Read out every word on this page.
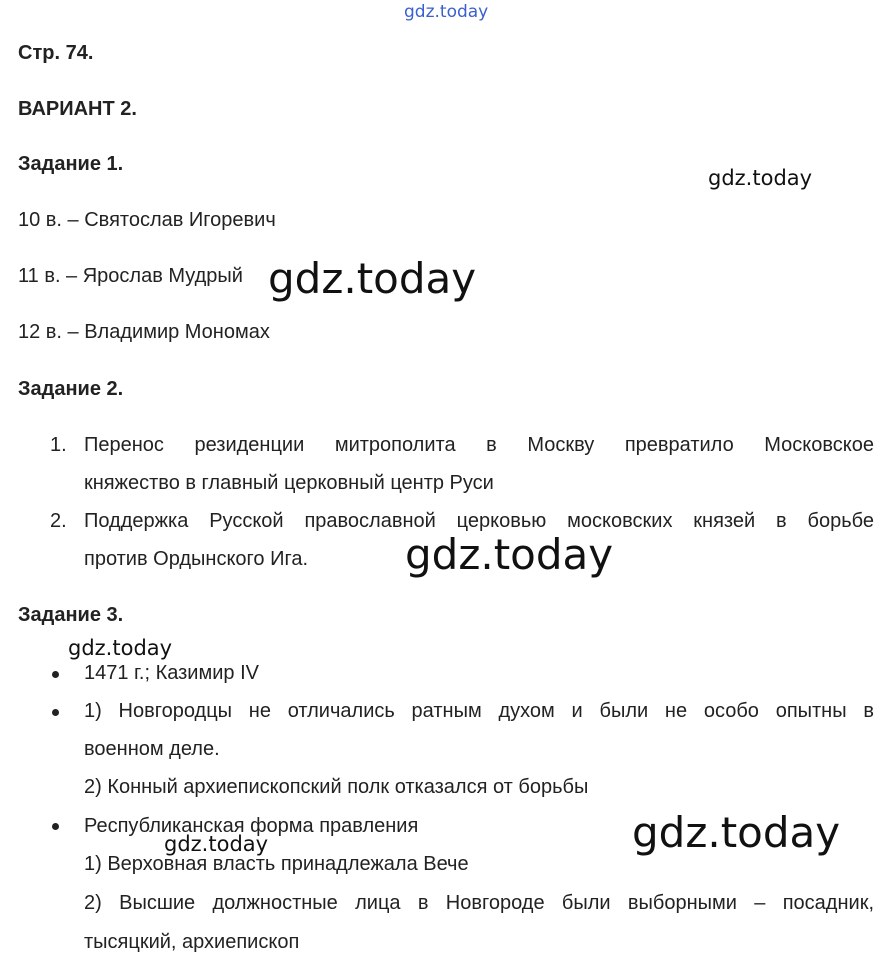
gdz.today
Стр. 74.
ВАРИАНТ 2.
Задание 1.
gdz.today
10 в. – Святослав Игоревич
11 в. – Ярослав Мудрый gdz.today
12 в. – Владимир Мономах
Задание 2.
1. Перенос резиденции митрополита в Москву превратило Московское
княжество в главный церковный центр Руси
2. Поддержка Русской православной церковью московских князей в борьбе
против Ордынского Ига. gdz.today
Задание 3.
gdz.today
1471 г.; Казимир IV
1) Новгородцы не отличались ратным духом и были не особо опытны в
военном деле.
2) Конный архиепископский полк отказался от борьбы
Республиканская форма правления	gdz.today
1) Верховная власть принадлежала Вече
2) Высшие должностные лица в Новгороде были выборными – посадник,
gdz.today
тысяцкий, архиепископ
